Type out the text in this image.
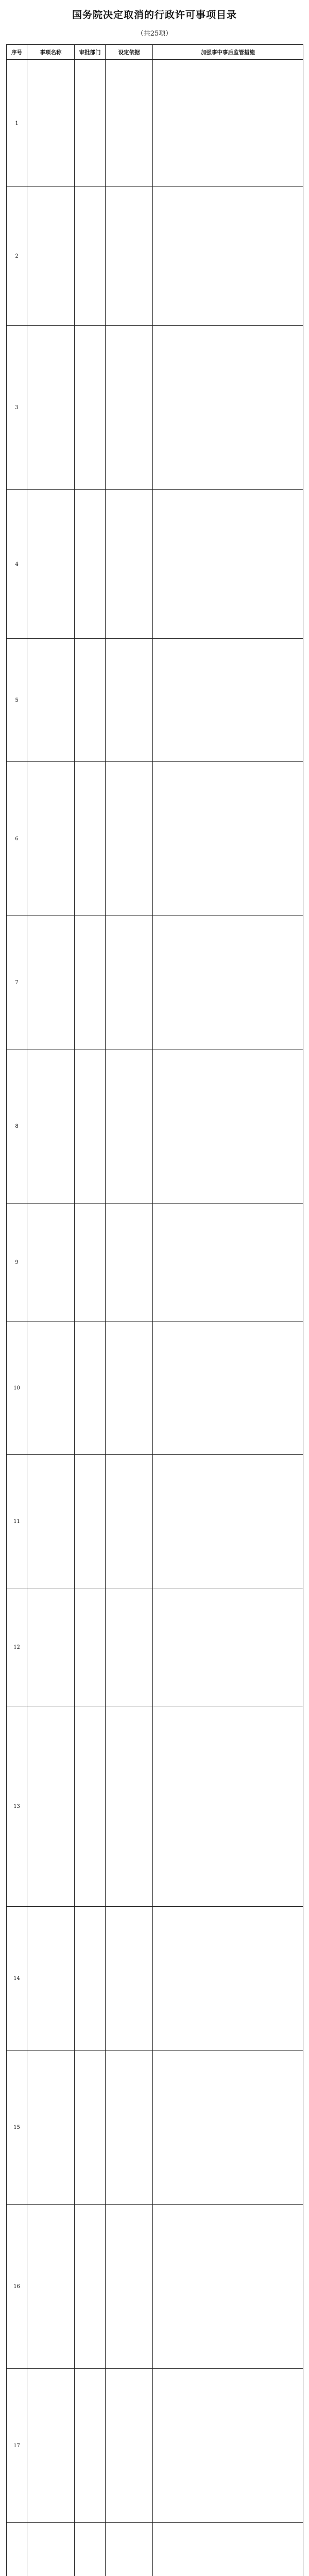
国务院决定取消的行政许可事项目录
（共25项）
序号	事项名称	审批部门	设定依据	加强事中事后监管措施
1				
2				
3				
4				
5				
6				
7				
8				
9				
10				
11				
12				
13				
14				
15				
16				
17				
